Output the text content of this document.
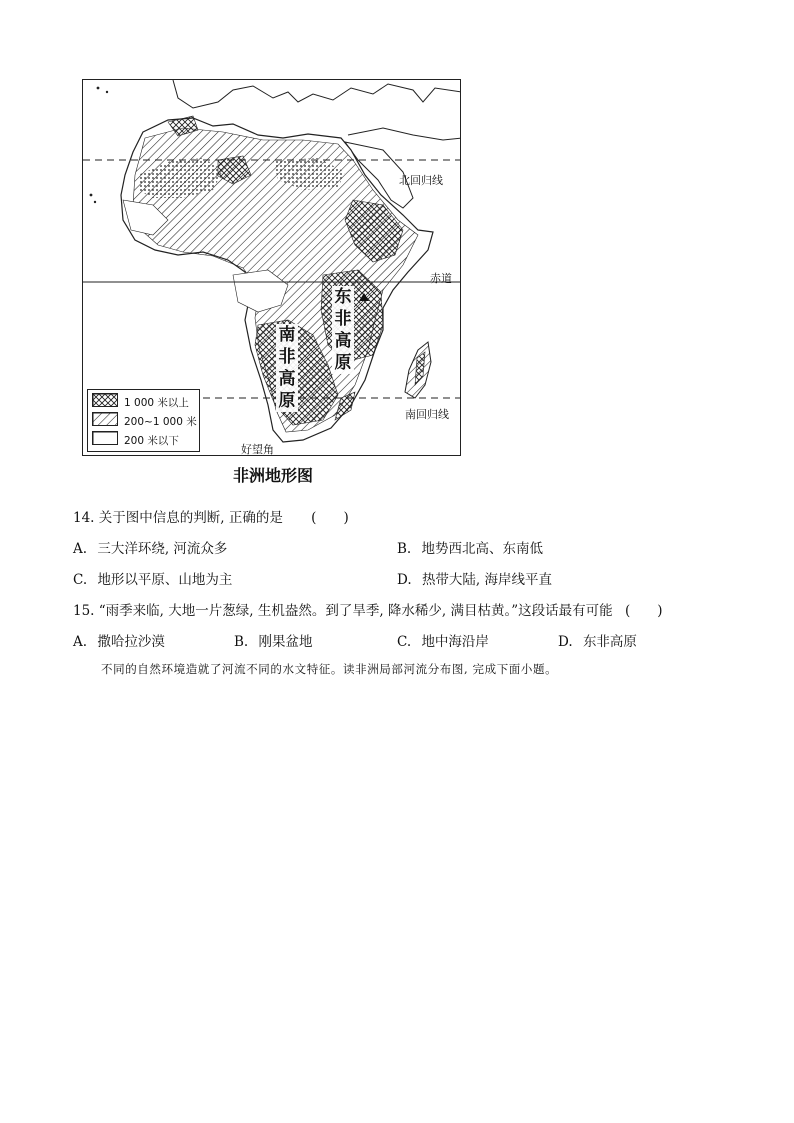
北回归线
赤道
南回归线
好望角
东
非
高
原
南
非
高
原
1 000 米以上
200~1 000 米
200 米以下
非洲地形图
14. 关于图中信息的判断, 正确的是 (　　)
A. 三大洋环绕, 河流众多	B. 地势西北高、东南低
C. 地形以平原、山地为主	D. 热带大陆, 海岸线平直
15. “雨季来临, 大地一片葱绿, 生机盎然。到了旱季, 降水稀少, 满目枯黄。”这段话最有可能 (　　)
A. 撒哈拉沙漠	B. 刚果盆地	C. 地中海沿岸	D. 东非高原
不同的自然环境造就了河流不同的水文特征。读非洲局部河流分布图, 完成下面小题。
